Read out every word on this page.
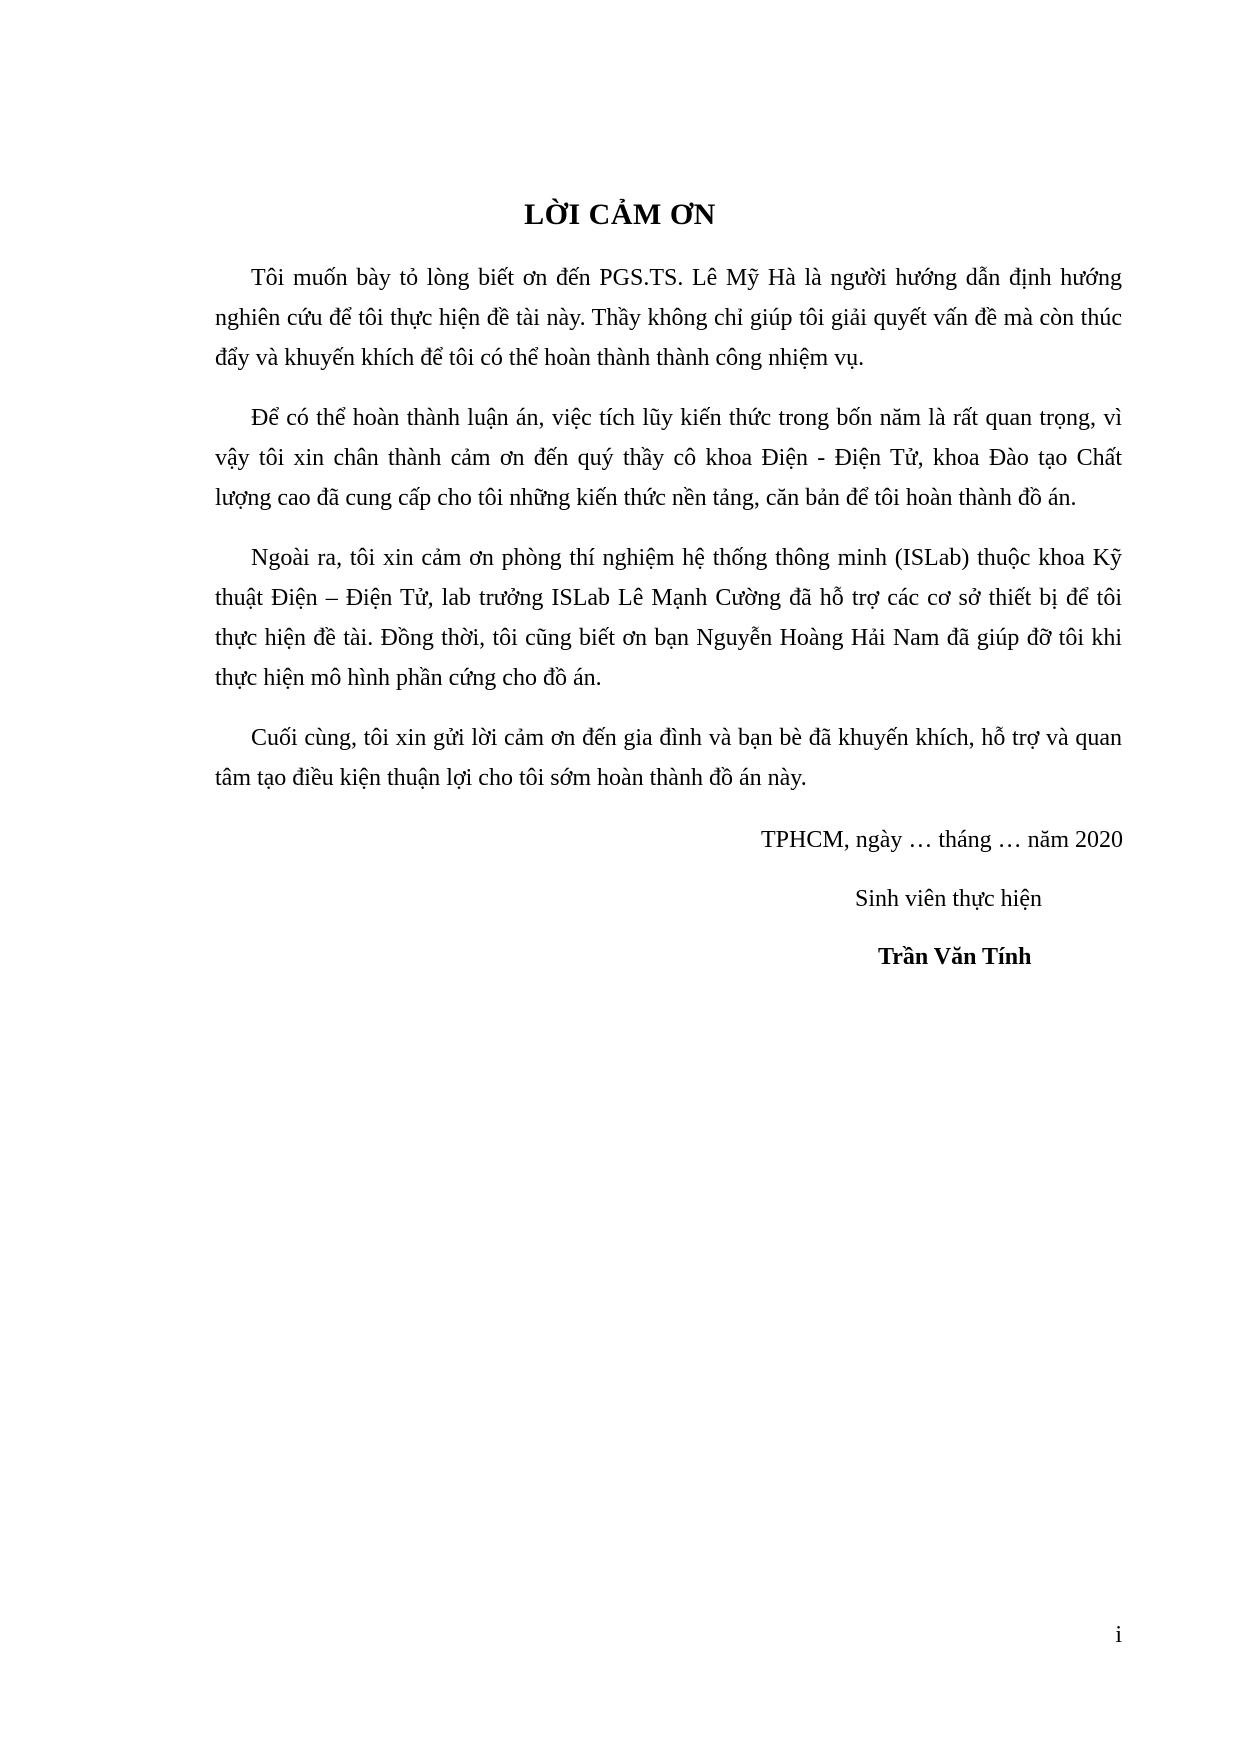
LỜI CẢM ƠN

Tôi muốn bày tỏ lòng biết ơn đến PGS.TS. Lê Mỹ Hà là người hướng dẫn định hướng nghiên cứu để tôi thực hiện đề tài này. Thầy không chỉ giúp tôi giải quyết vấn đề mà còn thúc đẩy và khuyến khích để tôi có thể hoàn thành thành công nhiệm vụ.

Để có thể hoàn thành luận án, việc tích lũy kiến thức trong bốn năm là rất quan trọng, vì vậy tôi xin chân thành cảm ơn đến quý thầy cô khoa Điện - Điện Tử, khoa Đào tạo Chất lượng cao đã cung cấp cho tôi những kiến thức nền tảng, căn bản để tôi hoàn thành đồ án.

Ngoài ra, tôi xin cảm ơn phòng thí nghiệm hệ thống thông minh (ISLab) thuộc khoa Kỹ thuật Điện – Điện Tử, lab trưởng ISLab Lê Mạnh Cường đã hỗ trợ các cơ sở thiết bị để tôi thực hiện đề tài. Đồng thời, tôi cũng biết ơn bạn Nguyễn Hoàng Hải Nam đã giúp đỡ tôi khi thực hiện mô hình phần cứng cho đồ án.

Cuối cùng, tôi xin gửi lời cảm ơn đến gia đình và bạn bè đã khuyến khích, hỗ trợ và quan tâm tạo điều kiện thuận lợi cho tôi sớm hoàn thành đồ án này.

TPHCM, ngày … tháng … năm 2020
Sinh viên thực hiện
Trần Văn Tính
i
